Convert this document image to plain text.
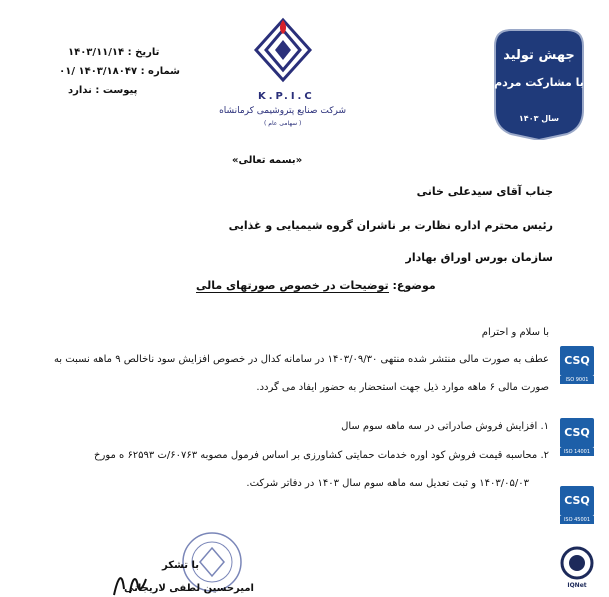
تاریخ : ۱۴۰۳/۱۱/۱۴
شماره : ۱۴۰۳/۱۸۰۴۷ /۰۱
پیوست : ندارد
K.P.I.C
شرکت صنایع پتروشیمی کرمانشاه
( سهامی عام )
جهش تولید
با مشارکت مردم
سال ۱۴۰۳
«بسمه تعالی»
جناب آقای سیدعلی خانی
رئیس محترم اداره نظارت بر ناشران گروه شیمیایی و غذایی
سازمان بورس اوراق بهادار
موضوع: توضیحات در خصوص صورتهای مالی
با سلام و احترام
عطف به صورت مالی منتشر شده منتهی ۱۴۰۳/۰۹/۳۰ در سامانه کدال در خصوص افزایش سود ناخالص ۹ ماهه نسبت به
صورت مالی ۶ ماهه موارد ذیل جهت استحضار به حضور ایفاد می گردد.
۱. افزایش فروش صادراتی در سه ماهه سوم سال
۲. محاسبه قیمت فروش کود اوره خدمات حمایتی کشاورزی بر اساس فرمول مصوبه ۶۰۷۶۳/ت ۶۲۵۹۳ ه مورخ
۱۴۰۳/۰۵/۰۳ و ثبت تعدیل سه ماهه سوم سال ۱۴۰۳ در دفاتر شرکت.
با تشکر
امیرحسین لطفی لاریجانی
CSQ
ISO 9001
CSQ
ISO 14001
CSQ
ISO 45001
IQNet
